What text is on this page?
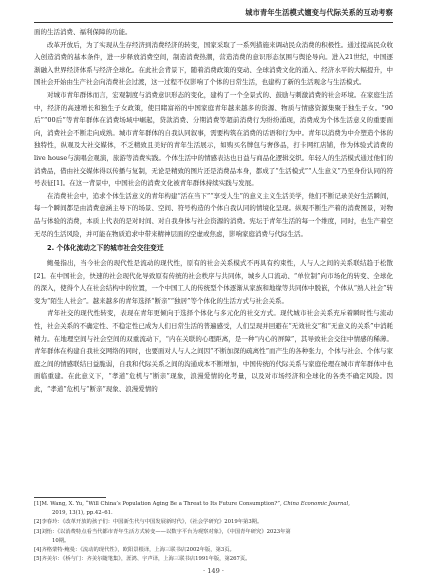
城市青年生活模式嬗变与代际关系的互动考察

面的生活消费、福利保障的功能。

改革开放后，为了实现从生存经济到消费经济的转变，国家采取了一系列措施来调动民众消费的积极性。通过提高民众收入创造消费的基本条件，进一步释放消费空间，制造消费热潮，营造消费的意识形态氛围与舆论导向。进入21世纪，中国逐渐融入世界经济体系与经济全球化。在此社会背景下，随着消费政策的变动、全球消费文化的涌入、经济水平的大幅提升，中国社会开始由生产社会向消费社会过渡，这一过程不仅影响了个体的日常生活，也建构了新的生活观念与生活模式。

对城市青年群体而言，宏观制度与消费意识形态的变化，建构了一个全景式的、鼓励与刺激消费的社会环境。在家庭生活中，经济的高速增长和独生子女政策，使目睹富裕的中国家庭青年越来越多的资源、物质与情感资源集聚于独生子女。“90后”“00后”等青年群体在消费场域中崛起，贷款消费、分期消费等超前消费行为纷纷涌现，消费成为个体生活意义的重要面向，消费社会不断走向成熟。城市青年群体的自我认同叙事，需要构筑在消费的话语和行为中。青年以消费为中介塑造个体的独特性，纵观及大社交媒体，不乏精致且美好的青年生活展示，如购买名牌包与奢侈品，打卡网红店铺，作为体验式消费的live house与演唱会观演，旅游等消费实践。个体生活中的情感表达也日益与商品化逻辑交织。年轻人的生活模式通过他们的消费品，借由社交媒体得以传播与复制，无论是精致的图片还是消费品本身，都成了“生活模式”“人生意义”乃至身份认同的符号表征[1]。在这一背景中，中国社会的消费文化被青年群体持续实践与发展。

在消费社会中，追求个体生活意义的青年构建“活在当下”“享受人生”的意义主义生活美学，他们不断记录美好生活瞬间，每一个瞬间都是由消费意涵主导下的场景、空间、符号构造的个体自我认同的情境化呈现。纵观不断生产着的消费图景，对物品与体验的消费，本质上代表的是对时间、对自我身体与社会资源的消费。宪坛于青年生活的每一个维度，同时，也生产着空无尽的生活风险，并可能在物质追求中带来精神层面的空虚或焦虑，影响家庭消费与代际生活。

2. 个体化流动之下的城市社会交往变迁

鲍曼指出，当今社会的现代性是流动的现代性，原有的社会关系模式不再具有约束性，人与人之间的关系联结趋于松散[2]。在中国社会，快速的社会现代化导致原有传统的社会秩序与共同体，城乡人口流动、“单位制”向市场化的转变、全球化的深入，使得个人在社会结构中的位置，一个中国工人的传统型个体逐渐从家族和地缘等共同体中脱嵌，个体从“熟人社会”转变为“陌生人社会”。越来越多的青年选择“断亲”“独居”等个体化的生活方式与社会关系。

青年社交的现代性转变，表现在青年更倾向于选择个体化与多元化的社交方式。现代城市社会关系充斥着瞬时性与流动性，社会关系的不确定性、不稳定性已成为人们日常生活的普遍感受，人们呈现并回避在“无效社交”和“无意义的关系”中消耗精力。在地理空间与社会空间的双重流动下，“内在关联的心理距离，是一种“内心的屏障”，其导致社会交往中情感的稀薄。青年群体在构建自我社交网络的同时，也要面对人与人之间因“不断加深的疏离性”而产生的各种张力，个体与社会、个体与家庭之间的情感联结日益脆弱，自我和代际关系之间的沟通成本不断增加，中国传统的代际关系与家庭伦理在城市青年群体中也面临重建。在此意义下，“孝道”危机与“断亲”现象，浪漫爱情的化考量，以及对市场经济和全球化的各类不确定风险。因此，“孝道”危机与“断亲”现象、浪漫爱情的

[1]M. Wang, X. Yu, “Will China’s Population Aging Be a Threat to Its Future Consumption?”, China Economic Journal,
2019, 13(1), pp.42–61.
[2]李春玲：《改革开放的孩子们：中国新生代与中国发展新时代》，《社会学研究》2019年第3期。
[3]刘怡：《以消费特点看当代都市青年生活方式转变——以数字平台为观察对象》，《中国青年研究》2023年第
10期。
[4]齐格蒙特·鲍曼：《流动的现代性》，欧阳景根译，上海三联书店2002年版，第3页。
[5]齐美尔：《桥与门：齐美尔随笔集》，涯鸿、宇声译，上海三联书店1991年版，第267页。
· 149 ·
